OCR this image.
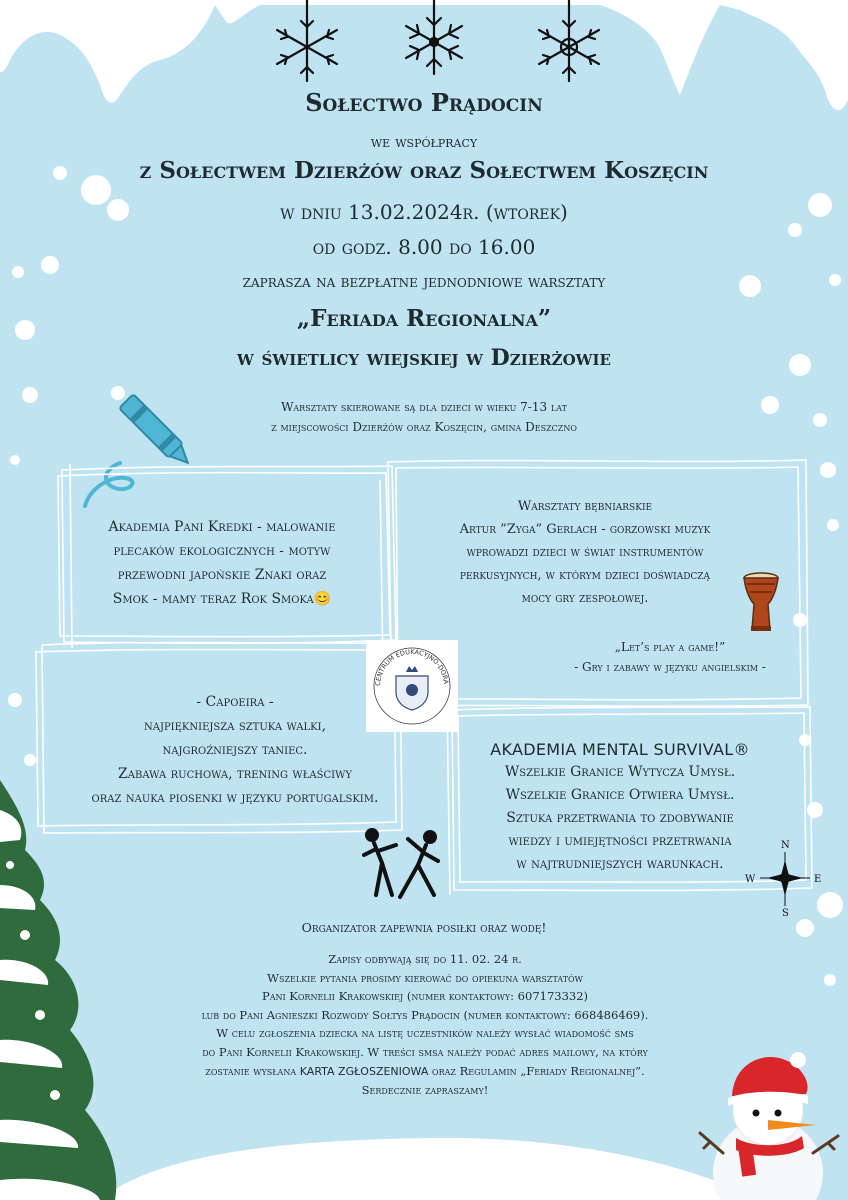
Sołectwo Prądocin
we współpracy
z Sołectwem Dzierżów oraz Sołectwem Koszęcin
w dniu 13.02.2024r. (wtorek)
od godz. 8.00 do 16.00
zaprasza na bezpłatne jednodniowe warsztaty
„Feriada Regionalna”
w świetlicy wiejskiej w Dzierżowie
Warsztaty skierowane są dla dzieci w wieku 7-13 lat
z miejscowości Dzierżów oraz Koszęcin, gmina Deszczno
Akademia Pani Kredki - malowanie
plecaków ekologicznych - motyw
przewodni japońskie Znaki oraz
Smok - mamy teraz Rok Smoka😊
Warsztaty bębniarskie
Artur ”Zyga” Gerlach - gorzowski muzyk
wprowadzi dzieci w świat instrumentów
perkusyjnych, w którym dzieci doświadczą
mocy gry zespołowej.
„Let’s play a game!”
- Gry i zabawy w języku angielskim -
CENTRUM EDUKACYJNO-DORA
- Capoeira -
najpiękniejsza sztuka walki,
najgroźniejszy taniec.
Zabawa ruchowa, trening właściwy
oraz nauka piosenki w języku portugalskim.
AKADEMIA MENTAL SURVIVAL®
Wszelkie Granice Wytycza Umysł.
Wszelkie Granice Otwiera Umysł.
Sztuka przetrwania to zdobywanie
wiedzy i umiejętności przetrwania
w najtrudniejszych warunkach.
N
S
E
W
Organizator zapewnia posiłki oraz wodę!
Zapisy odbywają się do 11. 02. 24 r.
Wszelkie pytania prosimy kierować do opiekuna warsztatów
Pani Kornelii Krakowskiej (numer kontaktowy: 607173332)
lub do Pani Agnieszki Rozwody Sołtys Prądocin (numer kontaktowy: 668486469).
W celu zgłoszenia dziecka na listę uczestników należy wysłać wiadomość sms
do Pani Kornelii Krakowskiej. W treści smsa należy podać adres mailowy, na który
zostanie wysłana KARTA ZGŁOSZENIOWA oraz Regulamin „Feriady Regionalnej”.
Serdecznie zapraszamy!
